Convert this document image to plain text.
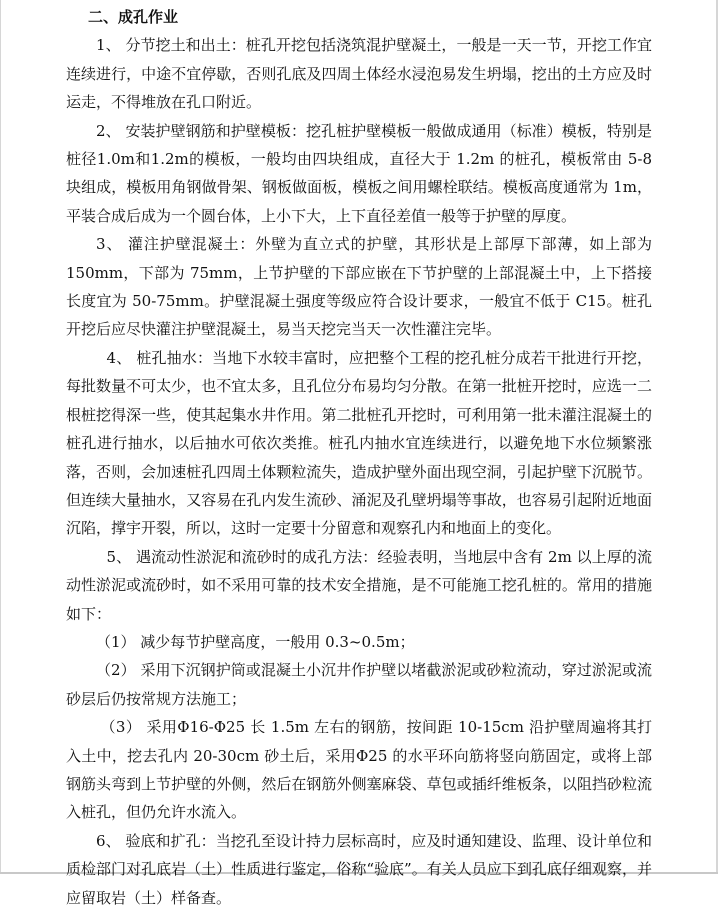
二、成孔作业

1、 分节挖土和出土：桩孔开挖包括浇筑混护壁凝土，一般是一天一节，开挖工作宜连续进行，中途不宜停歇，否则孔底及四周土体经水浸泡易发生坍塌，挖出的土方应及时运走，不得堆放在孔口附近。

2、 安装护壁钢筋和护壁模板：挖孔桩护壁模板一般做成通用（标准）模板，特别是桩径1.0m和1.2m的模板，一般均由四块组成，直径大于 1.2m 的桩孔，模板常由 5-8 块组成，模板用角钢做骨架、钢板做面板，模板之间用螺栓联结。模板高度通常为 1m，平装合成后成为一个圆台体，上小下大，上下直径差值一般等于护壁的厚度。

3、 灌注护壁混凝土：外壁为直立式的护壁，其形状是上部厚下部薄，如上部为 150mm，下部为 75mm，上节护壁的下部应嵌在下节护壁的上部混凝土中，上下搭接长度宜为 50-75mm。护壁混凝土强度等级应符合设计要求，一般宜不低于 C15。桩孔开挖后应尽快灌注护壁混凝土，易当天挖完当天一次性灌注完毕。

4、 桩孔抽水：当地下水较丰富时，应把整个工程的挖孔桩分成若干批进行开挖，每批数量不可太少，也不宜太多，且孔位分布易均匀分散。在第一批桩开挖时，应选一二根桩挖得深一些，使其起集水井作用。第二批桩孔开挖时，可利用第一批未灌注混凝土的桩孔进行抽水，以后抽水可依次类推。桩孔内抽水宜连续进行，以避免地下水位频繁涨落，否则，会加速桩孔四周土体颗粒流失，造成护壁外面出现空洞，引起护壁下沉脱节。但连续大量抽水，又容易在孔内发生流砂、涌泥及孔壁坍塌等事故，也容易引起附近地面沉陷，撑宇开裂，所以，这时一定要十分留意和观察孔内和地面上的变化。

5、 遇流动性淤泥和流砂时的成孔方法：经验表明，当地层中含有 2m 以上厚的流动性淤泥或流砂时，如不采用可靠的技术安全措施，是不可能施工挖孔桩的。常用的措施如下：

（1） 减少每节护壁高度，一般用 0.3~0.5m；

（2） 采用下沉钢护筒或混凝土小沉井作护壁以堵截淤泥或砂粒流动，穿过淤泥或流砂层后仍按常规方法施工；

（3） 采用Φ16-Φ25 长 1.5m 左右的钢筋，按间距 10-15cm 沿护壁周遍将其打入土中，挖去孔内 20-30cm 砂土后，采用Φ25 的水平环向筋将竖向筋固定，或将上部钢筋头弯到上节护壁的外侧，然后在钢筋外侧塞麻袋、草包或插纤维板条，以阻挡砂粒流入桩孔，但仍允许水流入。

6、 验底和扩孔：当挖孔至设计持力层标高时，应及时通知建设、监理、设计单位和质检部门对孔底岩（土）性质进行鉴定，俗称“验底”。有关人员应下到孔底仔细观察，并应留取岩（土）样备查。
